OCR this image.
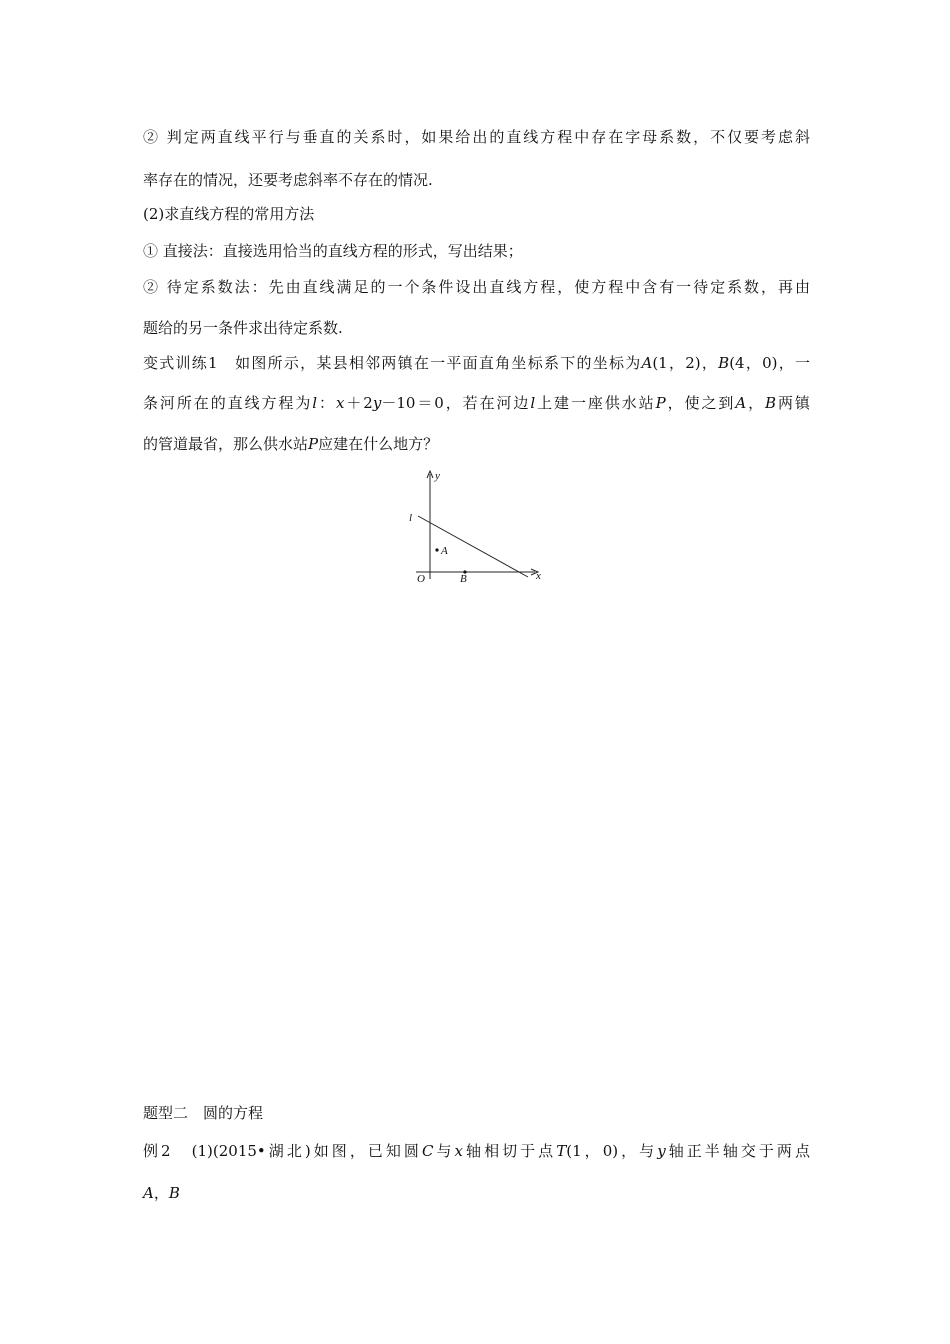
② 判定两直线平行与垂直的关系时，如果给出的直线方程中存在字母系数，不仅要考虑斜
率存在的情况，还要考虑斜率不存在的情况.
(2)求直线方程的常用方法
① 直接法：直接选用恰当的直线方程的形式，写出结果；
② 待定系数法：先由直线满足的一个条件设出直线方程，使方程中含有一待定系数，再由
题给的另一条件求出待定系数.
变式训练1　如图所示，某县相邻两镇在一平面直角坐标系下的坐标为A(1，2)，B(4，0)，一
条河所在的直线方程为l：x＋2y－10＝0，若在河边l上建一座供水站P，使之到A，B两镇
的管道最省，那么供水站P应建在什么地方？
y
x
l
A
O	B
题型二　圆的方程
例2　(1)(2015•湖北)如图，已知圆C与x轴相切于点T(1，0)，与y轴正半轴交于两点
A，B
